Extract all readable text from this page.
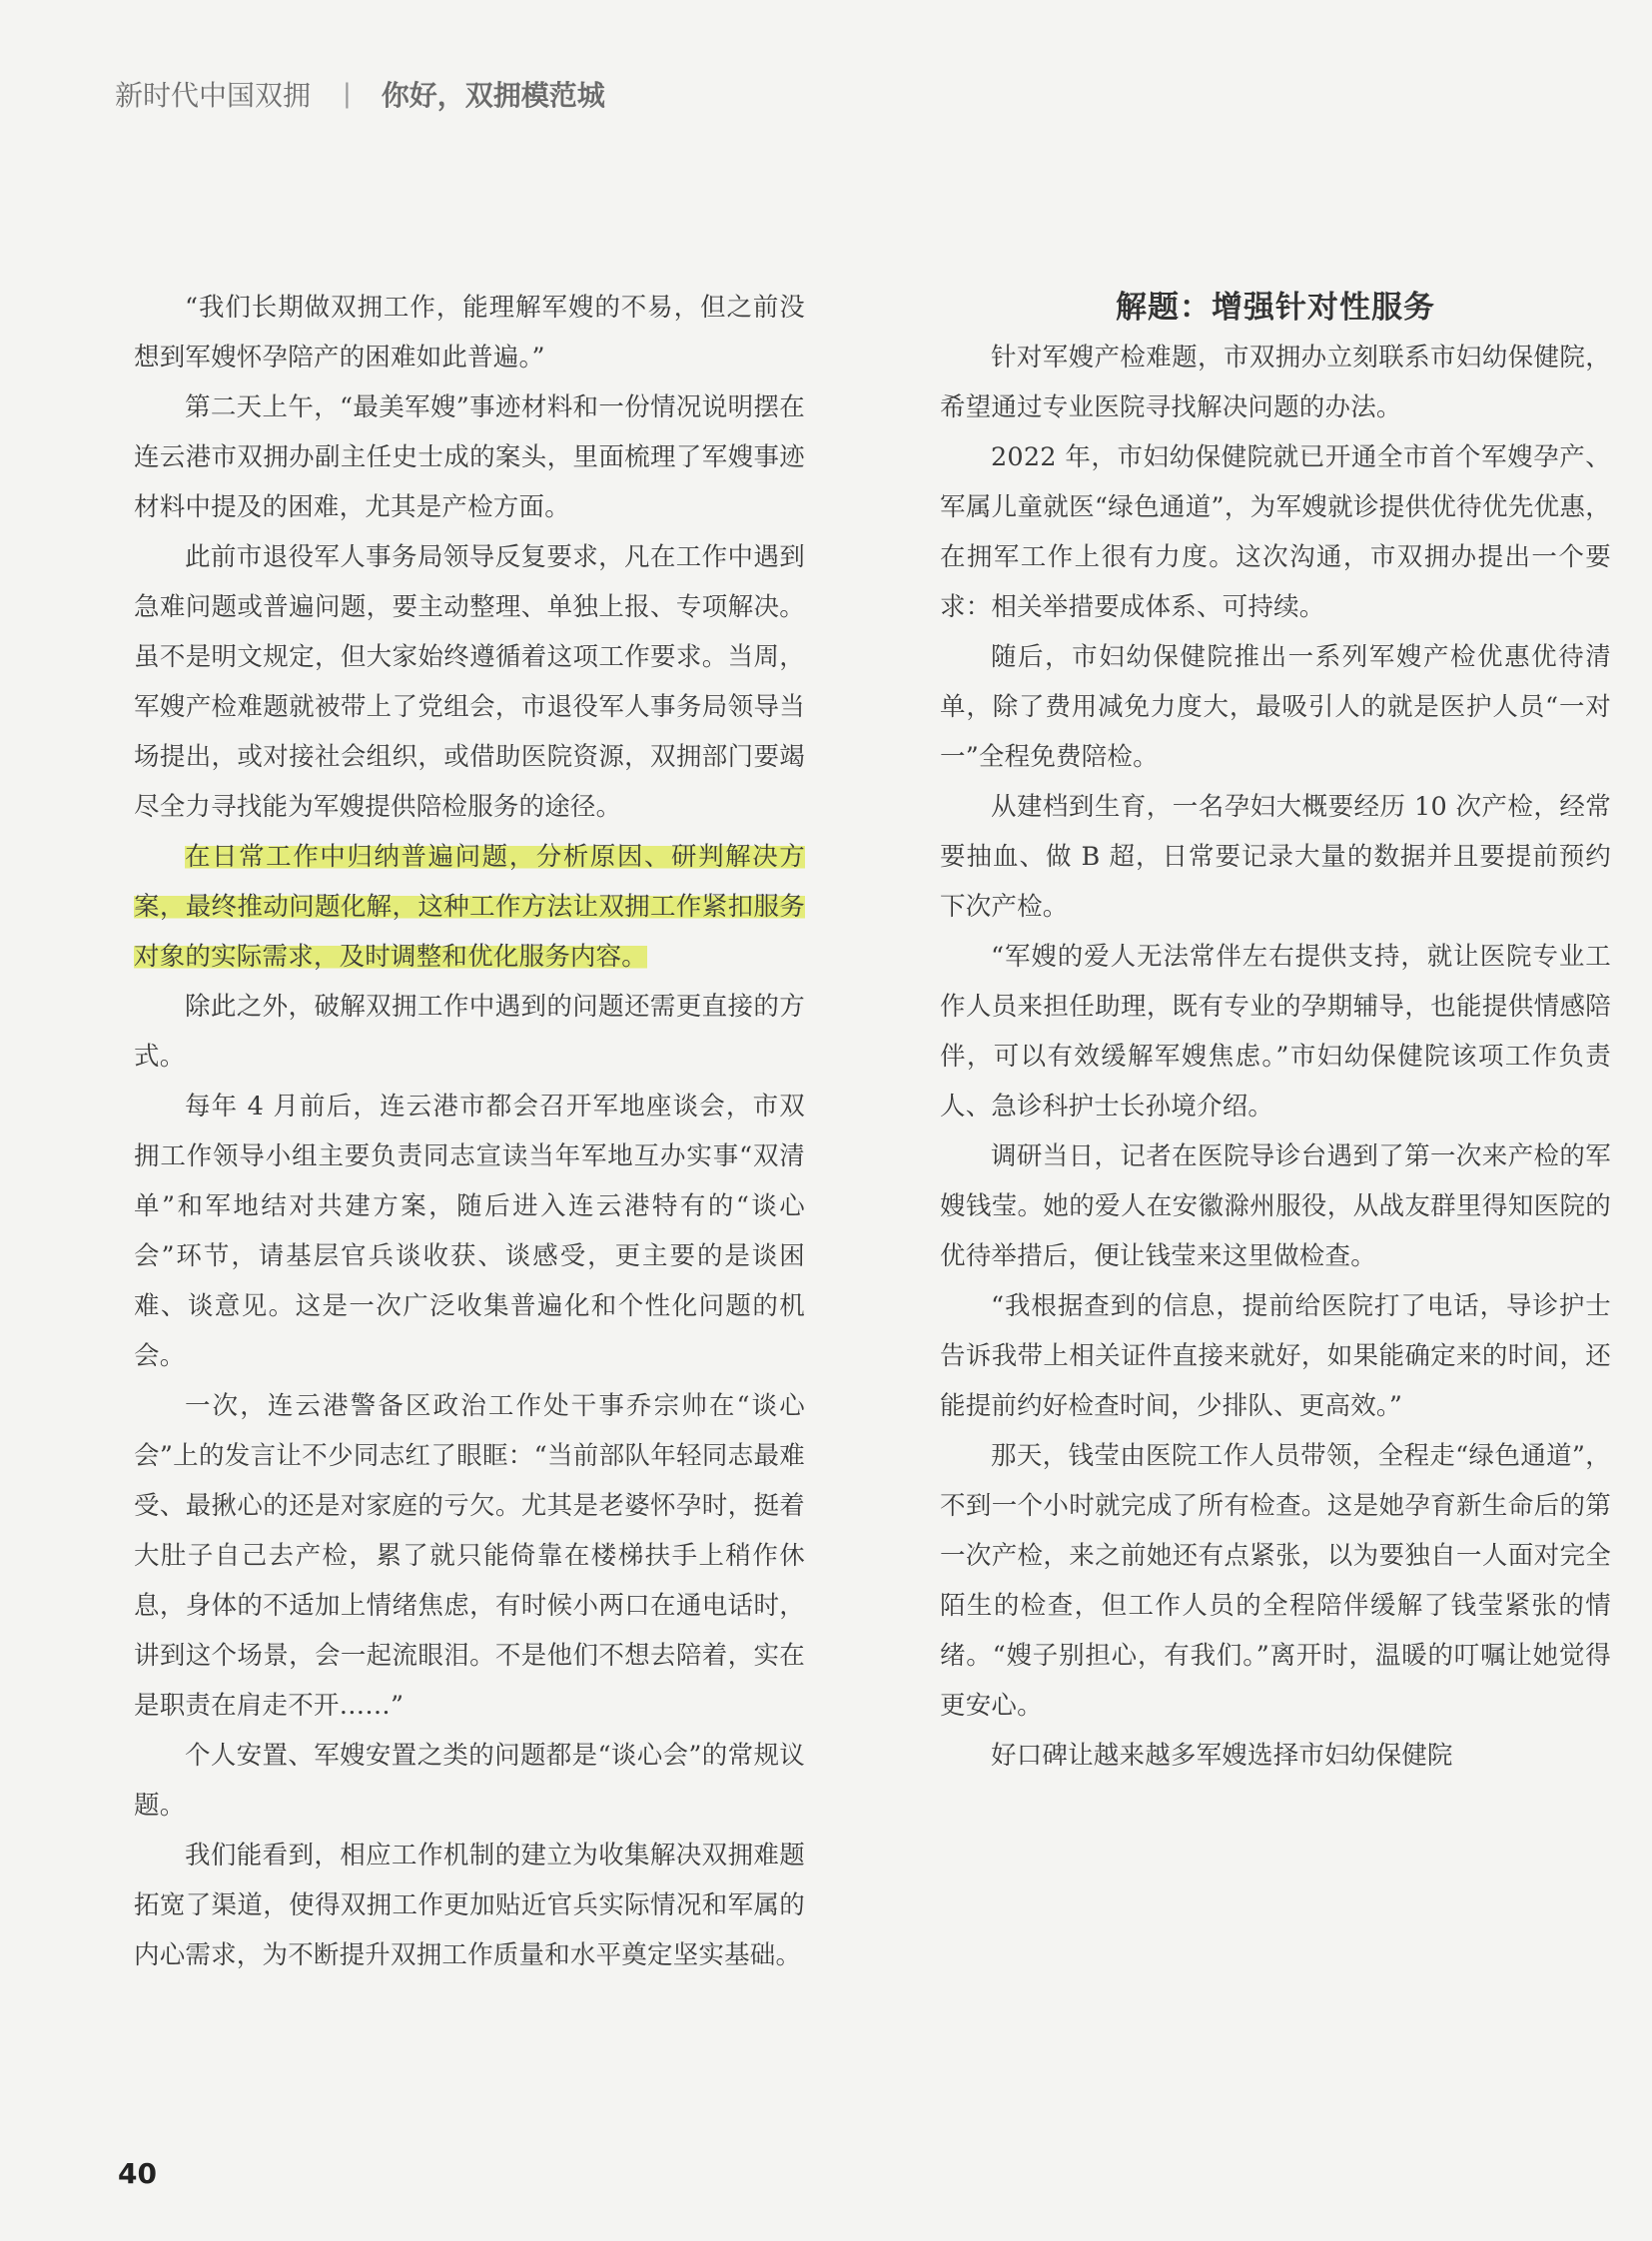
新时代中国双拥 | 你好，双拥模范城

“我们长期做双拥工作，能理解军嫂的不易，但之前没想到军嫂怀孕陪产的困难如此普遍。”

第二天上午，“最美军嫂”事迹材料和一份情况说明摆在连云港市双拥办副主任史士成的案头，里面梳理了军嫂事迹材料中提及的困难，尤其是产检方面。

此前市退役军人事务局领导反复要求，凡在工作中遇到急难问题或普遍问题，要主动整理、单独上报、专项解决。虽不是明文规定，但大家始终遵循着这项工作要求。当周，军嫂产检难题就被带上了党组会，市退役军人事务局领导当场提出，或对接社会组织，或借助医院资源，双拥部门要竭尽全力寻找能为军嫂提供陪检服务的途径。

在日常工作中归纳普遍问题，分析原因、研判解决方案，最终推动问题化解，这种工作方法让双拥工作紧扣服务对象的实际需求，及时调整和优化服务内容。

除此之外，破解双拥工作中遇到的问题还需更直接的方式。

每年 4 月前后，连云港市都会召开军地座谈会，市双拥工作领导小组主要负责同志宣读当年军地互办实事“双清单”和军地结对共建方案，随后进入连云港特有的“谈心会”环节，请基层官兵谈收获、谈感受，更主要的是谈困难、谈意见。这是一次广泛收集普遍化和个性化问题的机会。

一次，连云港警备区政治工作处干事乔宗帅在“谈心会”上的发言让不少同志红了眼眶：“当前部队年轻同志最难受、最揪心的还是对家庭的亏欠。尤其是老婆怀孕时，挺着大肚子自己去产检，累了就只能倚靠在楼梯扶手上稍作休息，身体的不适加上情绪焦虑，有时候小两口在通电话时，讲到这个场景，会一起流眼泪。不是他们不想去陪着，实在是职责在肩走不开……”

个人安置、军嫂安置之类的问题都是“谈心会”的常规议题。

我们能看到，相应工作机制的建立为收集解决双拥难题拓宽了渠道，使得双拥工作更加贴近官兵实际情况和军属的内心需求，为不断提升双拥工作质量和水平奠定坚实基础。

解题：增强针对性服务

针对军嫂产检难题，市双拥办立刻联系市妇幼保健院，希望通过专业医院寻找解决问题的办法。

2022 年，市妇幼保健院就已开通全市首个军嫂孕产、军属儿童就医“绿色通道”，为军嫂就诊提供优待优先优惠，在拥军工作上很有力度。这次沟通，市双拥办提出一个要求：相关举措要成体系、可持续。

随后，市妇幼保健院推出一系列军嫂产检优惠优待清单，除了费用减免力度大，最吸引人的就是医护人员“一对一”全程免费陪检。

从建档到生育，一名孕妇大概要经历 10 次产检，经常要抽血、做 B 超，日常要记录大量的数据并且要提前预约下次产检。

“军嫂的爱人无法常伴左右提供支持，就让医院专业工作人员来担任助理，既有专业的孕期辅导，也能提供情感陪伴，可以有效缓解军嫂焦虑。”市妇幼保健院该项工作负责人、急诊科护士长孙境介绍。

调研当日，记者在医院导诊台遇到了第一次来产检的军嫂钱莹。她的爱人在安徽滁州服役，从战友群里得知医院的优待举措后，便让钱莹来这里做检查。

“我根据查到的信息，提前给医院打了电话，导诊护士告诉我带上相关证件直接来就好，如果能确定来的时间，还能提前约好检查时间，少排队、更高效。”

那天，钱莹由医院工作人员带领，全程走“绿色通道”，不到一个小时就完成了所有检查。这是她孕育新生命后的第一次产检，来之前她还有点紧张，以为要独自一人面对完全陌生的检查，但工作人员的全程陪伴缓解了钱莹紧张的情绪。“嫂子别担心，有我们。”离开时，温暖的叮嘱让她觉得更安心。

好口碑让越来越多军嫂选择市妇幼保健院

40
